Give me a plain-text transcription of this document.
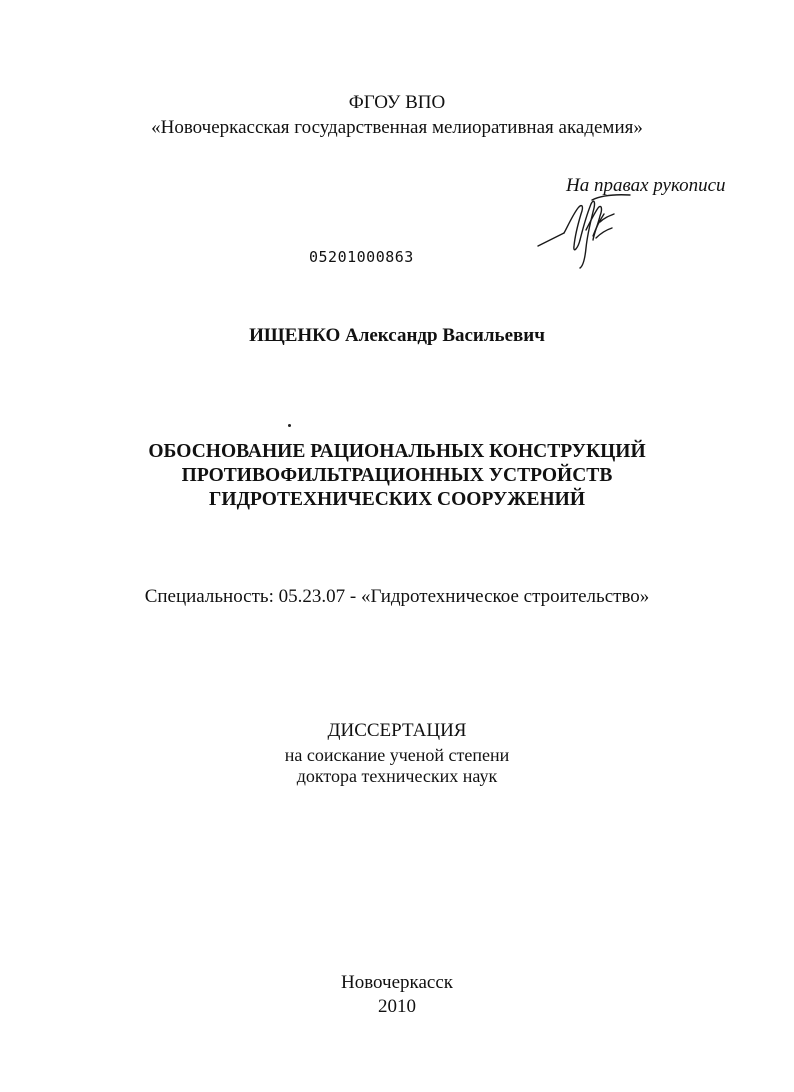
ФГОУ ВПО
«Новочеркасская государственная мелиоративная академия»
На правах рукописи
05201000863
ИЩЕНКО Александр Васильевич
ОБОСНОВАНИЕ РАЦИОНАЛЬНЫХ КОНСТРУКЦИЙ
ПРОТИВОФИЛЬТРАЦИОННЫХ УСТРОЙСТВ
ГИДРОТЕХНИЧЕСКИХ СООРУЖЕНИЙ
Специальность: 05.23.07 - «Гидротехническое строительство»
ДИССЕРТАЦИЯ
на соискание ученой степени
доктора технических наук
Новочеркасск
2010
